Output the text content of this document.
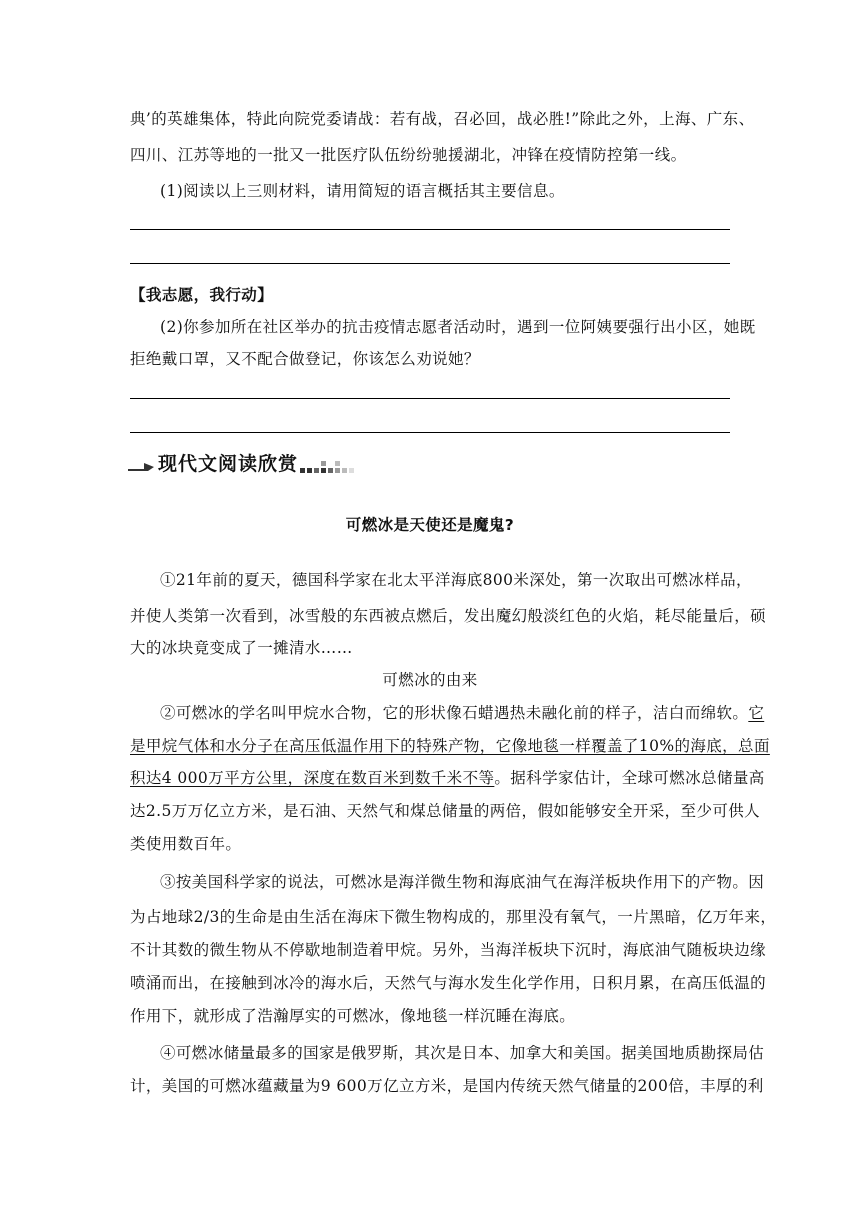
典’的英雄集体，特此向院党委请战：若有战，召必回，战必胜!”除此之外，上海、广东、
四川、江苏等地的一批又一批医疗队伍纷纷驰援湖北，冲锋在疫情防控第一线。
(1)阅读以上三则材料，请用简短的语言概括其主要信息。
【我志愿，我行动】
(2)你参加所在社区举办的抗击疫情志愿者活动时，遇到一位阿姨要强行出小区，她既
拒绝戴口罩，又不配合做登记，你该怎么劝说她？
现代文阅读欣赏
可燃冰是天使还是魔鬼?
①21年前的夏天，德国科学家在北太平洋海底800米深处，第一次取出可燃冰样品，
并使人类第一次看到，冰雪般的东西被点燃后，发出魔幻般淡红色的火焰，耗尽能量后，硕
大的冰块竟变成了一摊清水……
可燃冰的由来
②可燃冰的学名叫甲烷水合物，它的形状像石蜡遇热未融化前的样子，洁白而绵软。它
是甲烷气体和水分子在高压低温作用下的特殊产物，它像地毯一样覆盖了10%的海底，总面
积达4 000万平方公里，深度在数百米到数千米不等。据科学家估计，全球可燃冰总储量高
达2.5万万亿立方米，是石油、天然气和煤总储量的两倍，假如能够安全开采，至少可供人
类使用数百年。
③按美国科学家的说法，可燃冰是海洋微生物和海底油气在海洋板块作用下的产物。因
为占地球2/3的生命是由生活在海床下微生物构成的，那里没有氧气，一片黑暗，亿万年来，
不计其数的微生物从不停歇地制造着甲烷。另外，当海洋板块下沉时，海底油气随板块边缘
喷涌而出，在接触到冰冷的海水后，天然气与海水发生化学作用，日积月累，在高压低温的
作用下，就形成了浩瀚厚实的可燃冰，像地毯一样沉睡在海底。
④可燃冰储量最多的国家是俄罗斯，其次是日本、加拿大和美国。据美国地质勘探局估
计，美国的可燃冰蕴藏量为9 600万亿立方米，是国内传统天然气储量的200倍，丰厚的利
